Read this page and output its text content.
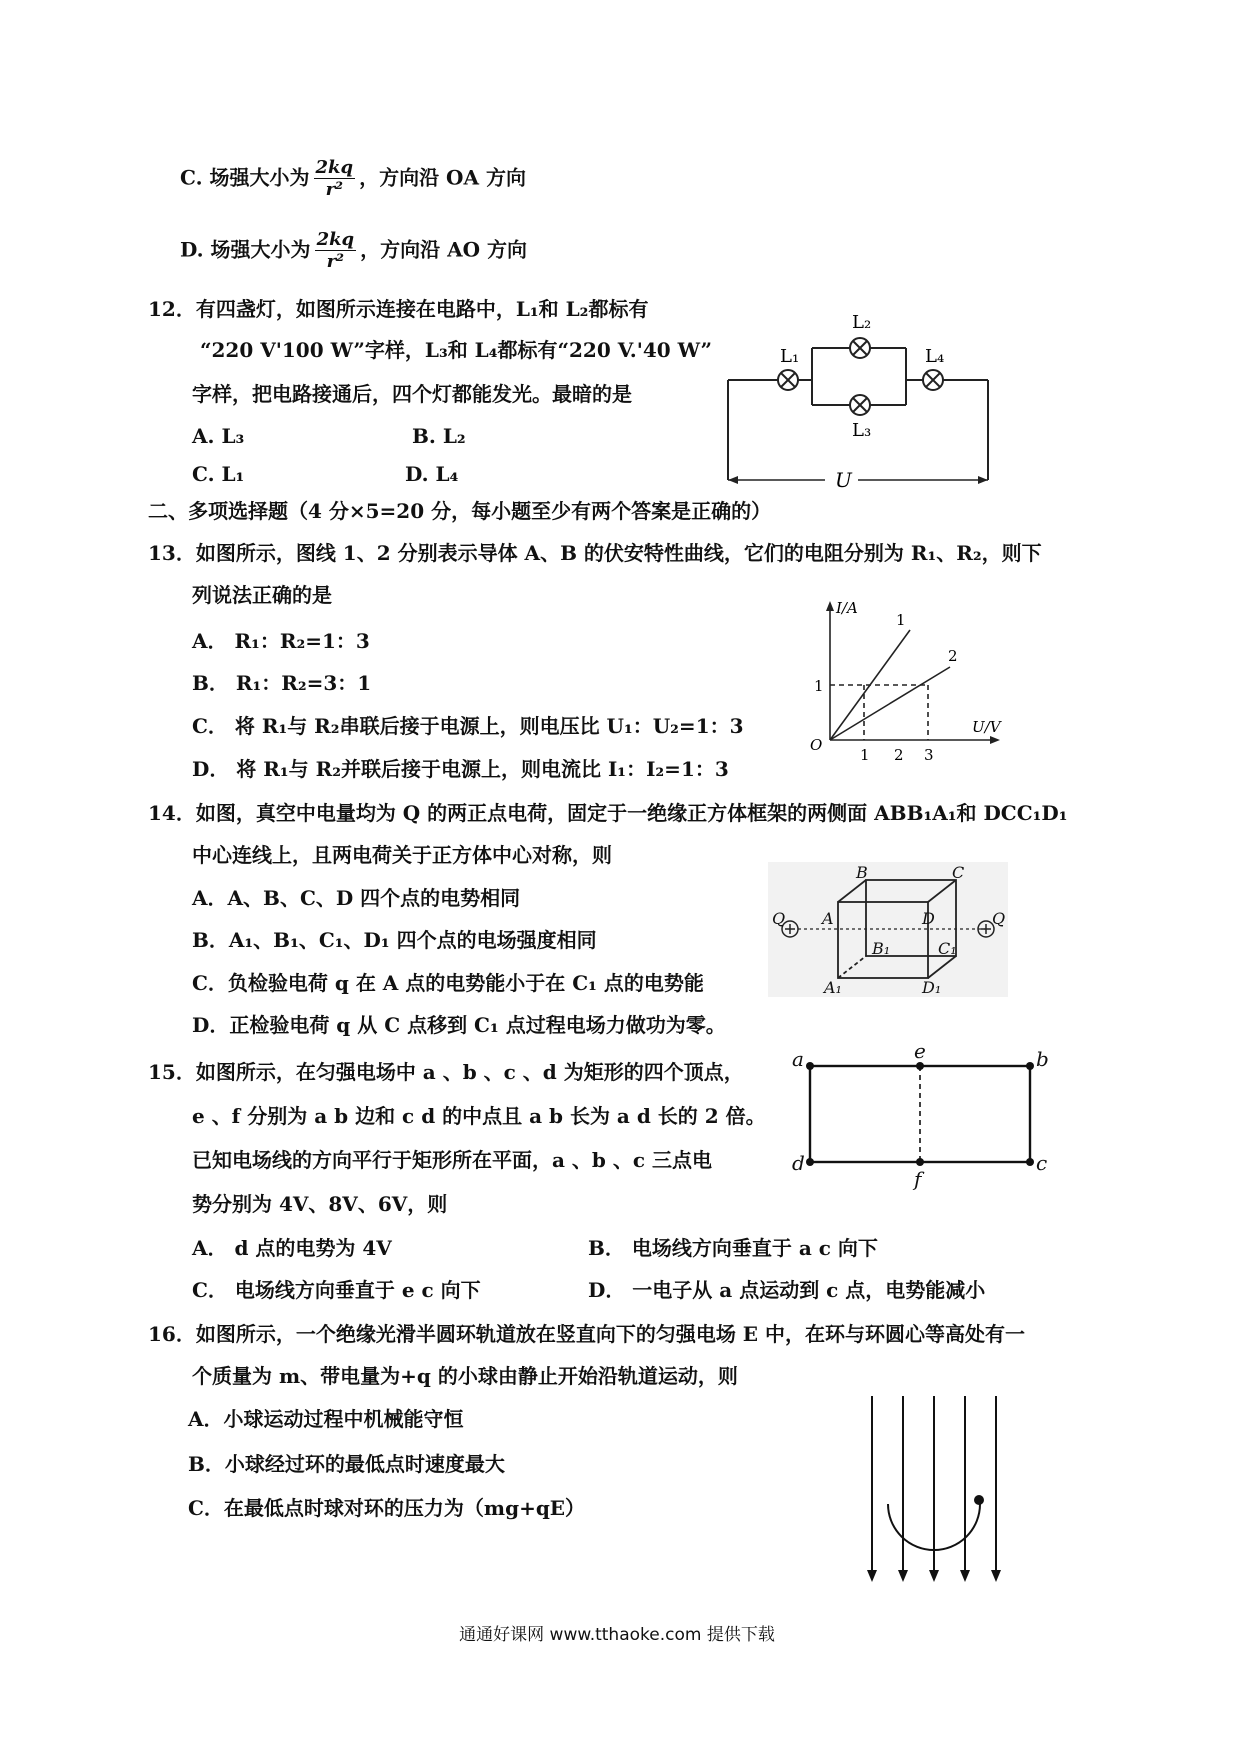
C. 场强大小为 $\frac{2kq}{\text{r²}}$ ，方向沿 OA 方向
D. 场强大小为 $\frac{2kq}{\text{r²}}$ ，方向沿 AO 方向
12．有四盏灯，如图所示连接在电路中，L₁和 L₂都标有
“220 V'100 W”字样，L₃和 L₄都标有“220 V.'40 W”
字样，把电路接通后，四个灯都能发光。最暗的是
A. L₃	B. L₂
C. L₁	D. L₄
L₁
L₂
L₃
L₄
U
二、多项选择题（4 分×5=20 分，每小题至少有两个答案是正确的）
13．如图所示，图线 1、2 分别表示导体 A、B 的伏安特性曲线，它们的电阻分别为 R₁、R₂，则下
列说法正确的是
A． R₁：R₂=1：3
B． R₁：R₂=3：1
C． 将 R₁与 R₂串联后接于电源上，则电压比 U₁：U₂=1：3
D． 将 R₁与 R₂并联后接于电源上，则电流比 I₁：I₂=1：3
I/A
U/V
O
1
1 2 3
1
2
14．如图，真空中电量均为 Q 的两正点电荷，固定于一绝缘正方体框架的两侧面 ABB₁A₁和 DCC₁D₁
中心连线上，且两电荷关于正方体中心对称，则
A．A、B、C、D 四个点的电势相同
B．A₁、B₁、C₁、D₁ 四个点的电场强度相同
C．负检验电荷 q 在 A 点的电势能小于在 C₁ 点的电势能
D．正检验电荷 q 从 C 点移到 C₁ 点过程电场力做功为零。
Q	Q
A
B	C
D
A₁
B₁	C₁
D₁
15．如图所示，在匀强电场中 a 、b 、c 、d 为矩形的四个顶点，
e 、f 分别为 a b 边和 c d 的中点且 a b 长为 a d 长的 2 倍。
已知电场线的方向平行于矩形所在平面，a 、b 、c 三点电
势分别为 4V、8V、6V，则
A． d 点的电势为 4V	B． 电场线方向垂直于 a c 向下
C． 电场线方向垂直于 e c 向下	D． 一电子从 a 点运动到 c 点，电势能减小
a	b
e
d	c
f
16．如图所示，一个绝缘光滑半圆环轨道放在竖直向下的匀强电场 E 中，在环与环圆心等高处有一
个质量为 m、带电量为+q 的小球由静止开始沿轨道运动，则
A．小球运动过程中机械能守恒
B．小球经过环的最低点时速度最大
C．在最低点时球对环的压力为（mg+qE）
通通好课网 www.tthaoke.com 提供下载
